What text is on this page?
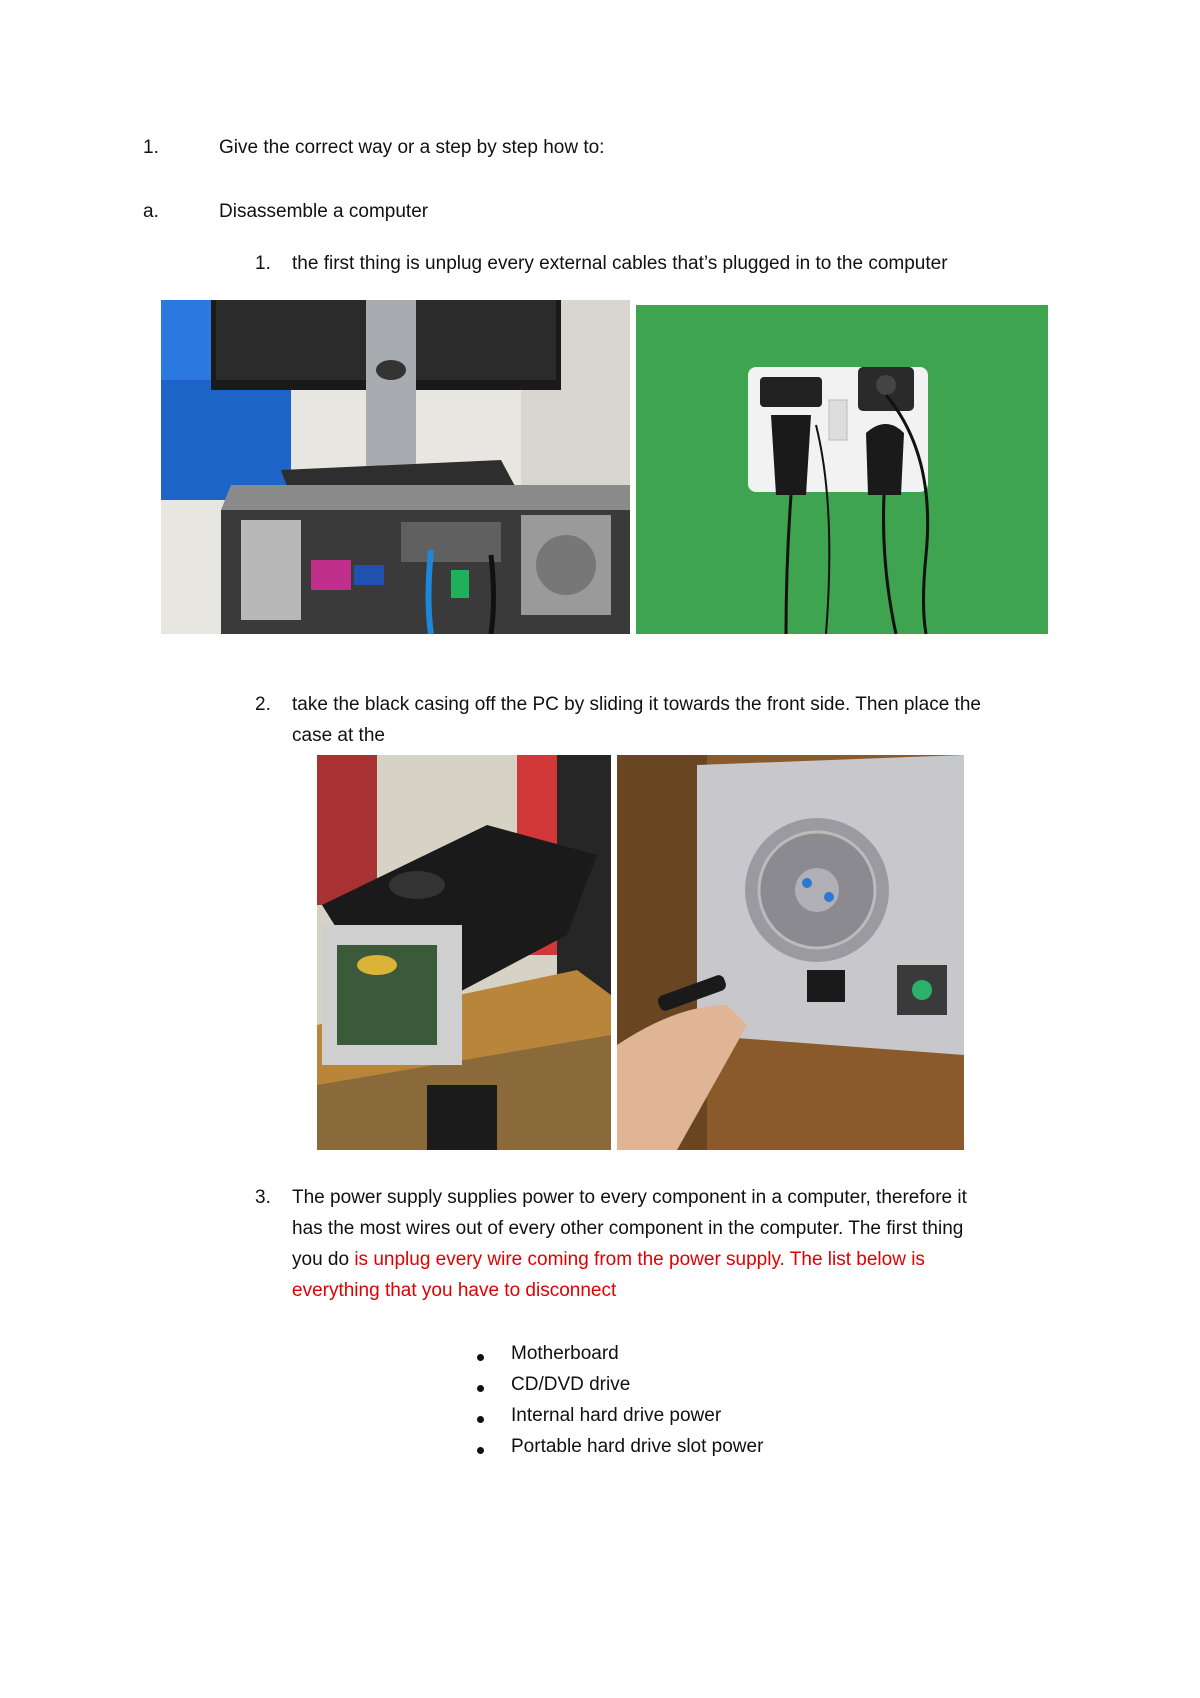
1.	Give the correct way or a step by step how to:
a.	Disassemble a computer
1. the first thing is unplug every external cables that’s plugged in to the computer
2. take the black casing off the PC by sliding it towards the front side. Then place the
case at the
3. The power supply supplies power to every component in a computer, therefore it
has the most wires out of every other component in the computer. The first thing
you do is unplug every wire coming from the power supply. The list below is
everything that you have to disconnect
Motherboard
CD/DVD drive
Internal hard drive power
Portable hard drive slot power
